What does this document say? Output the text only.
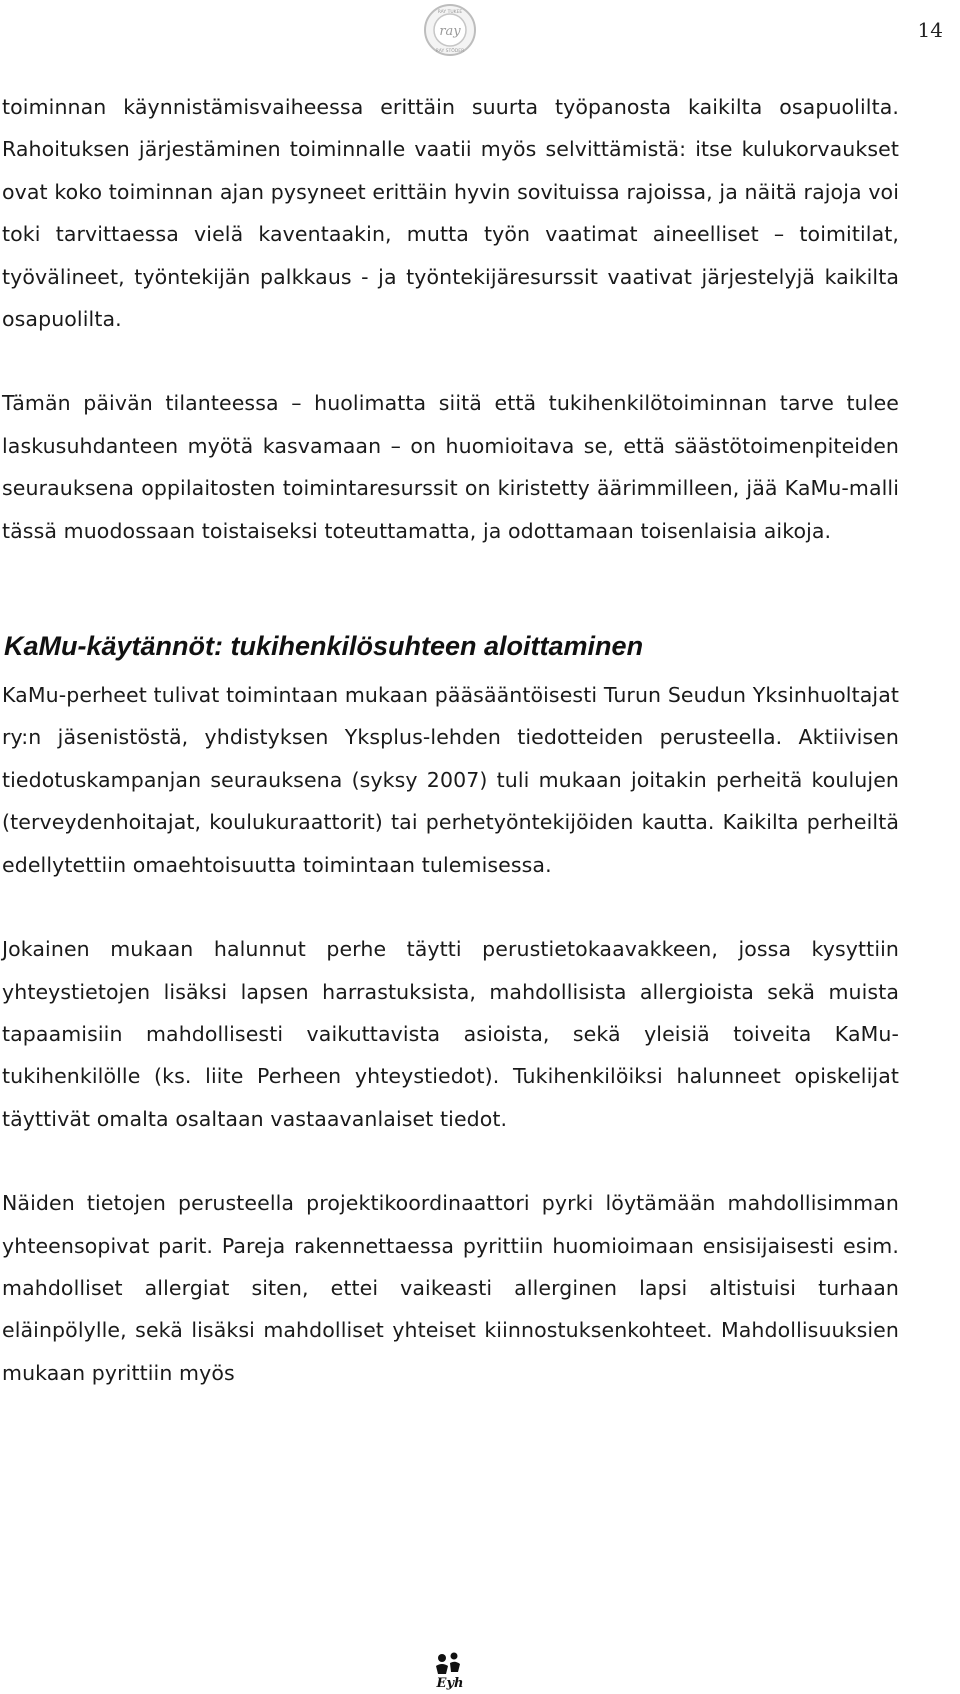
ray
RAY TUKEE
RAY STÖDER
14

toiminnan käynnistämisvaiheessa erittäin suurta työpanosta kaikilta osapuolilta. Rahoituksen järjestäminen toiminnalle vaatii myös selvittämistä: itse kulukorvaukset ovat koko toiminnan ajan pysyneet erittäin hyvin sovituissa rajoissa, ja näitä rajoja voi toki tarvittaessa vielä kaventaakin, mutta työn vaatimat aineelliset – toimitilat, työvälineet, työntekijän palkkaus - ja työntekijäresurssit vaativat järjestelyjä kaikilta osapuolilta.

Tämän päivän tilanteessa – huolimatta siitä että tukihenkilötoiminnan tarve tulee laskusuhdanteen myötä kasvamaan – on huomioitava se, että säästötoimenpiteiden seurauksena oppilaitosten toimintaresurssit on kiristetty äärimmilleen, jää KaMu-malli tässä muodossaan toistaiseksi toteuttamatta, ja odottamaan toisenlaisia aikoja.

KaMu-käytännöt: tukihenkilösuhteen aloittaminen

KaMu-perheet tulivat toimintaan mukaan pääsääntöisesti Turun Seudun Yksinhuoltajat ry:n jäsenistöstä, yhdistyksen Yksplus-lehden tiedotteiden perusteella. Aktiivisen tiedotuskampanjan seurauksena (syksy 2007) tuli mukaan joitakin perheitä koulujen (terveydenhoitajat, koulukuraattorit) tai perhetyöntekijöiden kautta. Kaikilta perheiltä edellytettiin omaehtoisuutta toimintaan tulemisessa.

Jokainen mukaan halunnut perhe täytti perustietokaavakkeen, jossa kysyttiin yhteystietojen lisäksi lapsen harrastuksista, mahdollisista allergioista sekä muista tapaamisiin mahdollisesti vaikuttavista asioista, sekä yleisiä toiveita KaMu-tukihenkilölle (ks. liite Perheen yhteystiedot). Tukihenkilöiksi halunneet opiskelijat täyttivät omalta osaltaan vastaavanlaiset tiedot.

Näiden tietojen perusteella projektikoordinaattori pyrki löytämään mahdollisimman yhteensopivat parit. Pareja rakennettaessa pyrittiin huomioimaan ensisijaisesti esim. mahdolliset allergiat siten, ettei vaikeasti allerginen lapsi altistuisi turhaan eläinpölylle, sekä lisäksi mahdolliset yhteiset kiinnostuksenkohteet. Mahdollisuuksien mukaan pyrittiin myös

Eyh
